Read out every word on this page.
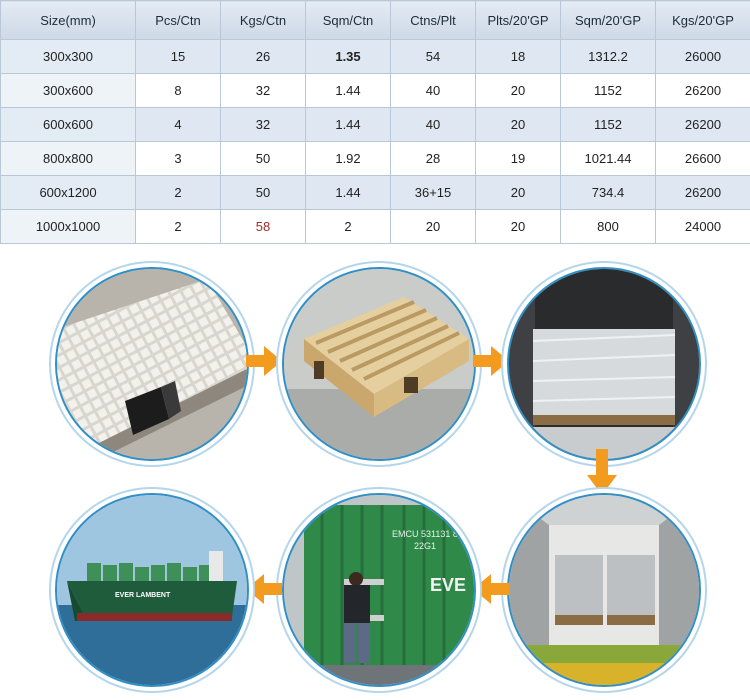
Size(mm)	Pcs/Ctn	Kgs/Ctn	Sqm/Ctn	Ctns/Plt	Plts/20'GP	Sqm/20'GP	Kgs/20'GP
300x300	15	26	1.35	54	18	1312.2	26000
300x600	8	32	1.44	40	20	1152	26200
600x600	4	32	1.44	40	20	1152	26200
800x800	3	50	1.92	28	19	1021.44	26600
600x1200	2	50	1.44	36+15	20	734.4	26200
1000x1000	2	58	2	20	20	800	24000
EMCU 531131 8
22G1
EVE
EVER LAMBENT
